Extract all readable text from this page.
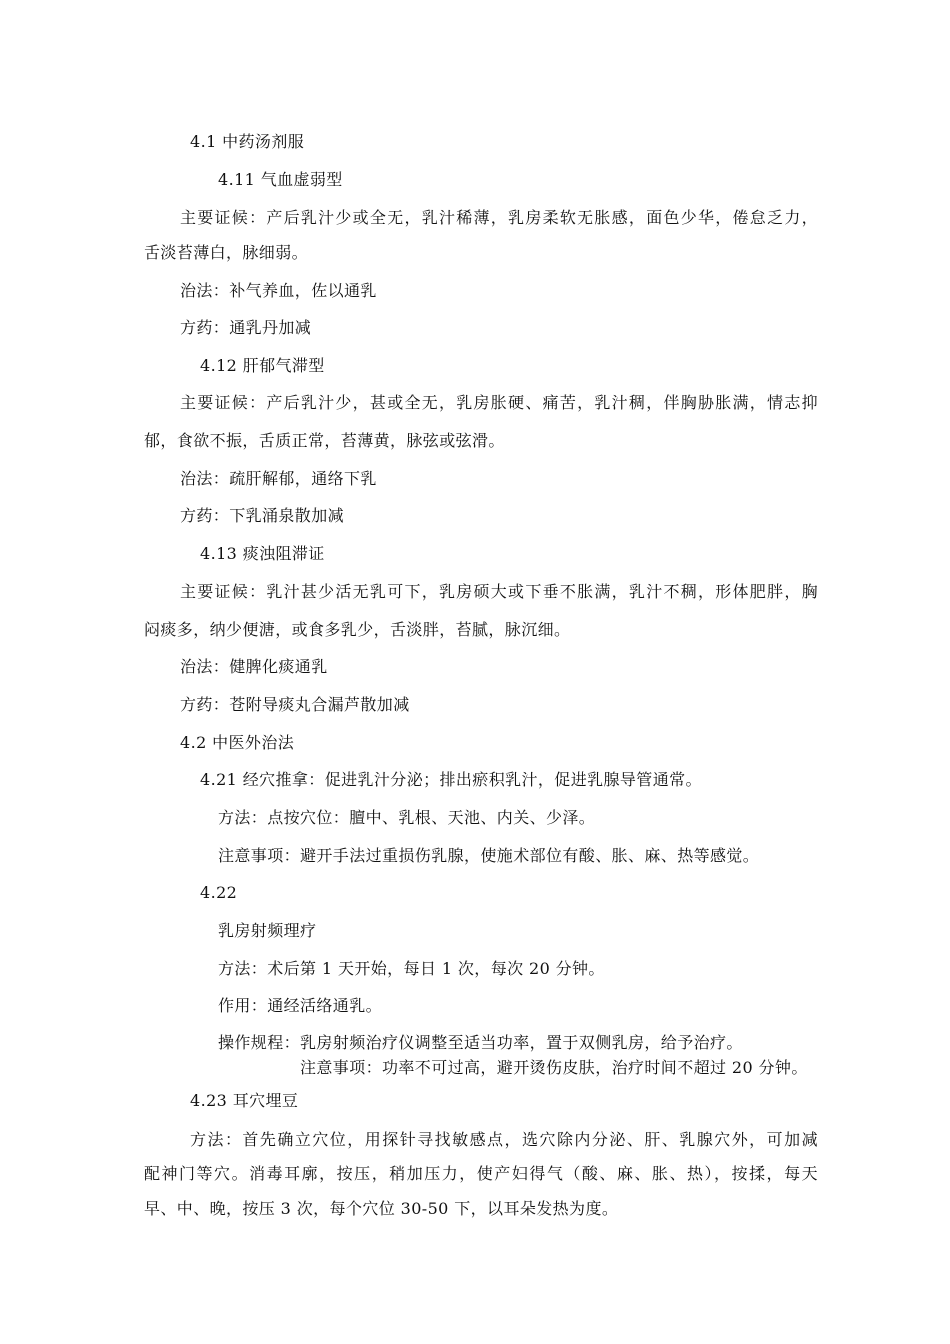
4.1 中药汤剂服
4.11 气血虚弱型
主要证候：产后乳汁少或全无，乳汁稀薄，乳房柔软无胀感，面色少华，倦怠乏力，
舌淡苔薄白，脉细弱。
治法：补气养血，佐以通乳
方药：通乳丹加减
4.12 肝郁气滞型
主要证候：产后乳汁少，甚或全无，乳房胀硬、痛苦，乳汁稠，伴胸胁胀满，情志抑
郁，食欲不振，舌质正常，苔薄黄，脉弦或弦滑。
治法：疏肝解郁，通络下乳
方药：下乳涌泉散加减
4.13 痰浊阻滞证
主要证候：乳汁甚少活无乳可下，乳房硕大或下垂不胀满，乳汁不稠，形体肥胖，胸
闷痰多，纳少便溏，或食多乳少，舌淡胖，苔腻，脉沉细。
治法：健脾化痰通乳
方药：苍附导痰丸合漏芦散加减
4.2 中医外治法
4.21 经穴推拿：促进乳汁分泌；排出瘀积乳汁，促进乳腺导管通常。
方法：点按穴位：膻中、乳根、天池、内关、少泽。
注意事项：避开手法过重损伤乳腺，使施术部位有酸、胀、麻、热等感觉。
4.22
乳房射频理疗
方法：术后第 1 天开始，每日 1 次，每次 20 分钟。
作用：通经活络通乳。
操作规程：乳房射频治疗仪调整至适当功率，置于双侧乳房，给予治疗。
注意事项：功率不可过高，避开烫伤皮肤，治疗时间不超过 20 分钟。
4.23 耳穴埋豆
方法：首先确立穴位，用探针寻找敏感点，选穴除内分泌、肝、乳腺穴外，可加减
配神门等穴。消毒耳廓，按压，稍加压力，使产妇得气（酸、麻、胀、热），按揉，每天
早、中、晚，按压 3 次，每个穴位 30-50 下，以耳朵发热为度。
